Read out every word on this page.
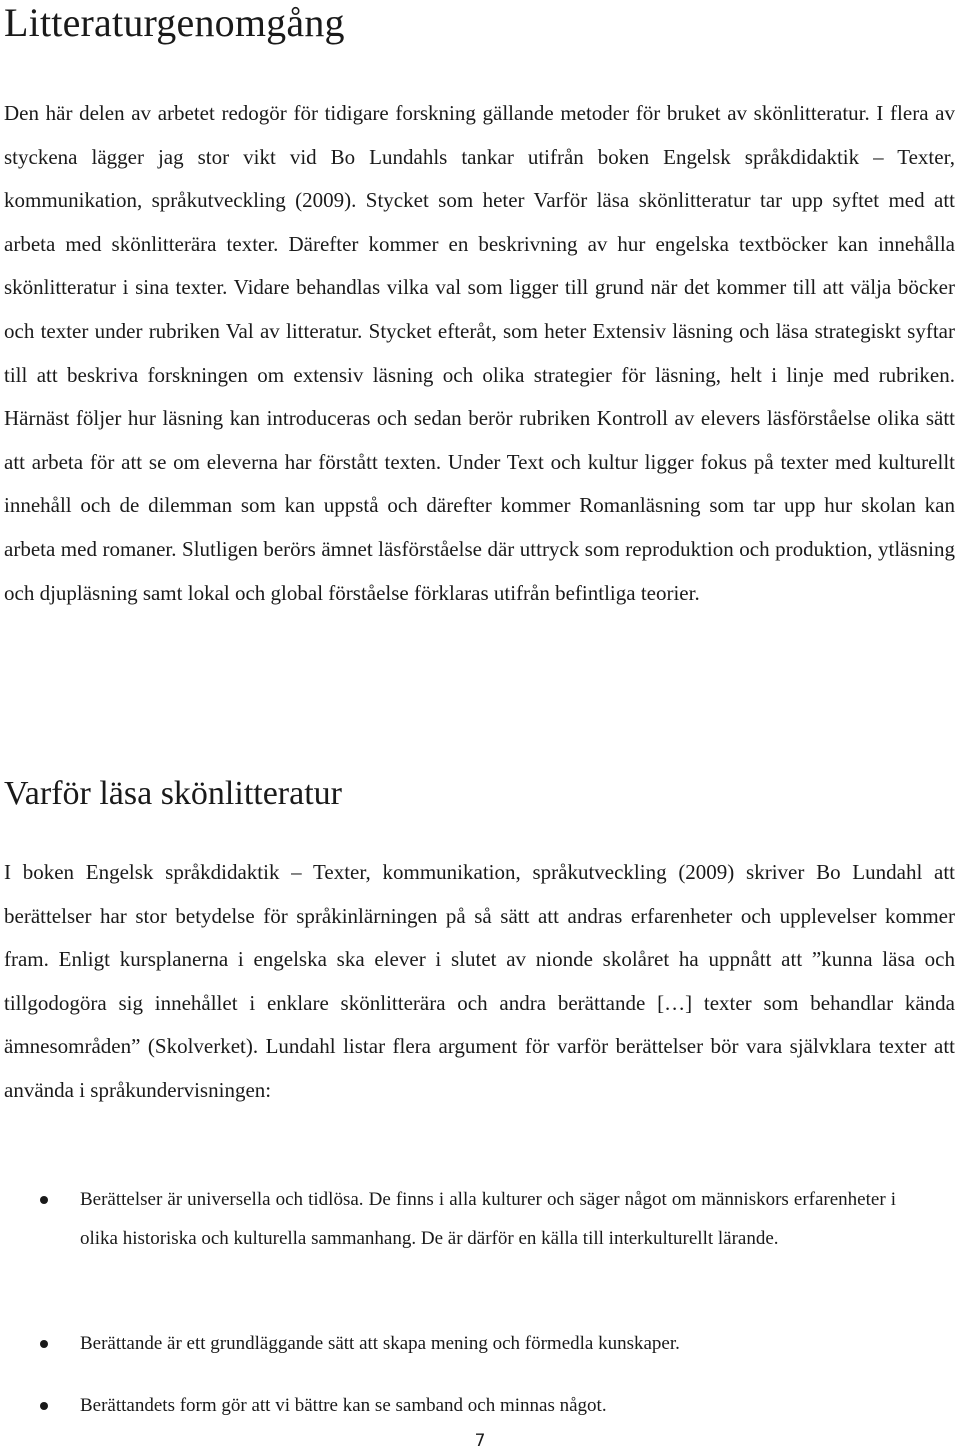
Litteraturgenomgång

Den här delen av arbetet redogör för tidigare forskning gällande metoder för bruket av skönlitteratur. I flera av styckena lägger jag stor vikt vid Bo Lundahls tankar utifrån boken Engelsk språkdidaktik – Texter, kommunikation, språkutveckling (2009). Stycket som heter Varför läsa skönlitteratur tar upp syftet med att arbeta med skönlitterära texter. Därefter kommer en beskrivning av hur engelska textböcker kan innehålla skönlitteratur i sina texter. Vidare behandlas vilka val som ligger till grund när det kommer till att välja böcker och texter under rubriken Val av litteratur. Stycket efteråt, som heter Extensiv läsning och läsa strategiskt syftar till att beskriva forskningen om extensiv läsning och olika strategier för läsning, helt i linje med rubriken. Härnäst följer hur läsning kan introduceras och sedan berör rubriken Kontroll av elevers läsförståelse olika sätt att arbeta för att se om eleverna har förstått texten. Under Text och kultur ligger fokus på texter med kulturellt innehåll och de dilemman som kan uppstå och därefter kommer Romanläsning som tar upp hur skolan kan arbeta med romaner. Slutligen berörs ämnet läsförståelse där uttryck som reproduktion och produktion, ytläsning och djupläsning samt lokal och global förståelse förklaras utifrån befintliga teorier.

Varför läsa skönlitteratur

I boken Engelsk språkdidaktik – Texter, kommunikation, språkutveckling (2009) skriver Bo Lundahl att berättelser har stor betydelse för språkinlärningen på så sätt att andras erfarenheter och upplevelser kommer fram. Enligt kursplanerna i engelska ska elever i slutet av nionde skolåret ha uppnått att ”kunna läsa och tillgodogöra sig innehållet i enklare skönlitterära och andra berättande […] texter som behandlar kända ämnesområden” (Skolverket). Lundahl listar flera argument för varför berättelser bör vara självklara texter att använda i språkundervisningen:

Berättelser är universella och tidlösa. De finns i alla kulturer och säger något om människors erfarenheter i olika historiska och kulturella sammanhang. De är därför en källa till interkulturellt lärande.

Berättande är ett grundläggande sätt att skapa mening och förmedla kunskaper.

Berättandets form gör att vi bättre kan se samband och minnas något.

7
